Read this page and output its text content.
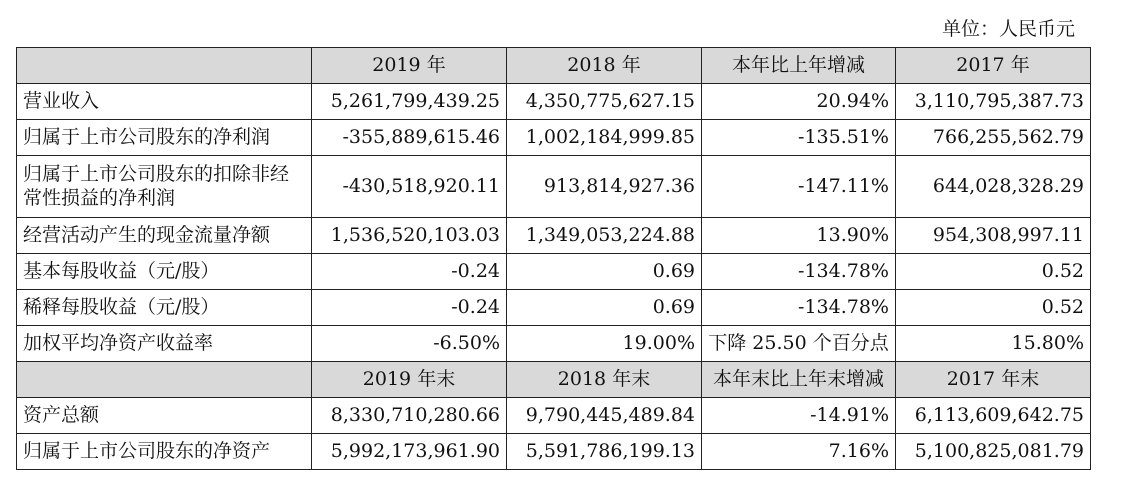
单位：人民币元
	2019 年	2018 年	本年比上年增减	2017 年
营业收入	5,261,799,439.25	4,350,775,627.15	20.94%	3,110,795,387.73
归属于上市公司股东的净利润	-355,889,615.46	1,002,184,999.85	-135.51%	766,255,562.79

归属于上市公司股东的扣除非经
常性损益的净利润	-430,518,920.11	913,814,927.36	-147.11%	644,028,328.29
经营活动产生的现金流量净额	1,536,520,103.03	1,349,053,224.88	13.90%	954,308,997.11
基本每股收益（元/股）	-0.24	0.69	-134.78%	0.52
稀释每股收益（元/股）	-0.24	0.69	-134.78%	0.52
加权平均净资产收益率	-6.50%	19.00%	下降 25.50 个百分点	15.80%
	2019 年末	2018 年末	本年末比上年末增减	2017 年末
资产总额	8,330,710,280.66	9,790,445,489.84	-14.91%	6,113,609,642.75
归属于上市公司股东的净资产	5,992,173,961.90	5,591,786,199.13	7.16%	5,100,825,081.79
